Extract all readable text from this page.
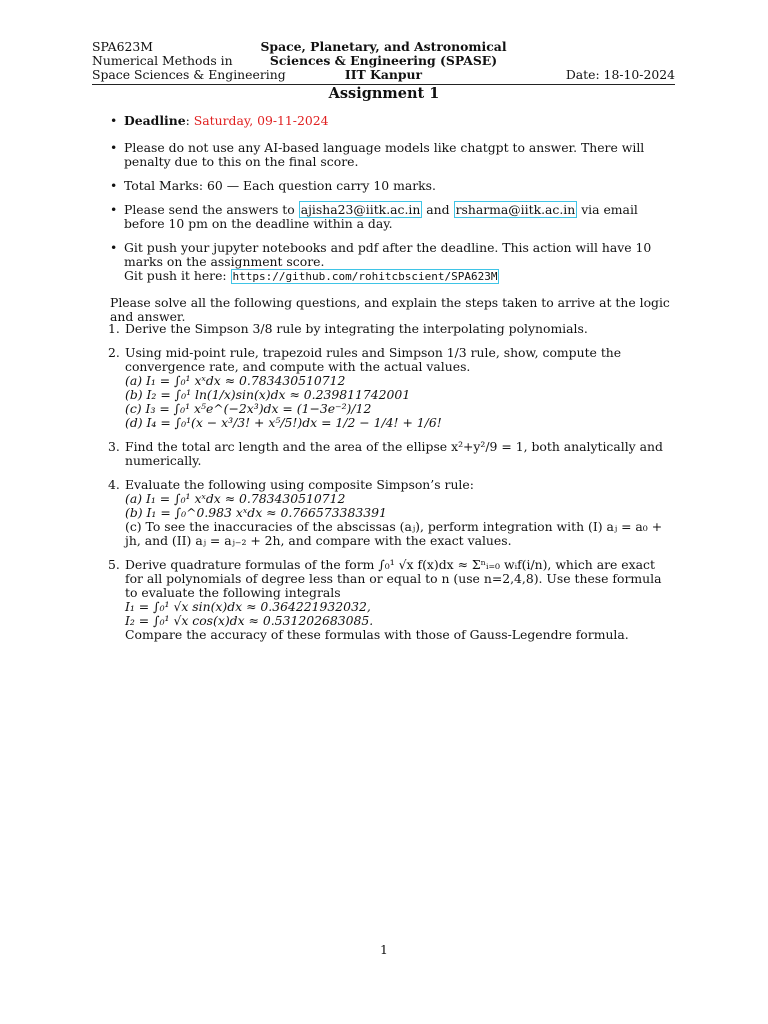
SPA623M
Numerical Methods in
Space Sciences & Engineering
Space, Planetary, and Astronomical
Sciences & Engineering (SPASE)
IIT Kanpur	Date: 18-10-2024
Assignment 1
• Deadline: Saturday, 09-11-2024
• Please do not use any AI-based language models like chatgpt to answer. There will penalty due to this on the final score.
• Total Marks: 60 — Each question carry 10 marks.
• Please send the answers to ajisha23@iitk.ac.in and rsharma@iitk.ac.in via email before 10 pm on the deadline within a day.
• Git push your jupyter notebooks and pdf after the deadline. This action will have 10 marks on the assignment score.
Git push it here: https://github.com/rohitcbscient/SPA623M
Please solve all the following questions, and explain the steps taken to arrive at the logic and answer.
1. Derive the Simpson 3/8 rule by integrating the interpolating polynomials.
2. Using mid-point rule, trapezoid rules and Simpson 1/3 rule, show, compute the convergence rate, and compute with the actual values.
(a) I₁ = ∫₀¹ xˣdx ≈ 0.783430510712
(b) I₂ = ∫₀¹ ln(1/x)sin(x)dx ≈ 0.239811742001
(c) I₃ = ∫₀¹ x⁵e^(−2x³)dx = (1−3e⁻²)/12
(d) I₄ = ∫₀¹(x − x³/3! + x⁵/5!)dx = 1/2 − 1/4! + 1/6!
3. Find the total arc length and the area of the ellipse x²+y²/9 = 1, both analytically and numerically.
4. Evaluate the following using composite Simpson’s rule:
(a) I₁ = ∫₀¹ xˣdx ≈ 0.783430510712
(b) I₁ = ∫₀^0.983 xˣdx ≈ 0.766573383391
(c) To see the inaccuracies of the abscissas (aⱼ), perform integration with (I) aⱼ = a₀ + jh, and (II) aⱼ = aⱼ₋₂ + 2h, and compare with the exact values.
5. Derive quadrature formulas of the form ∫₀¹ √x f(x)dx ≈ Σⁿᵢ₌₀ wᵢf(i/n), which are exact for all polynomials of degree less than or equal to n (use n=2,4,8). Use these formula to evaluate the following integrals
I₁ = ∫₀¹ √x sin(x)dx ≈ 0.364221932032,
I₂ = ∫₀¹ √x cos(x)dx ≈ 0.531202683085.
Compare the accuracy of these formulas with those of Gauss-Legendre formula.
1
